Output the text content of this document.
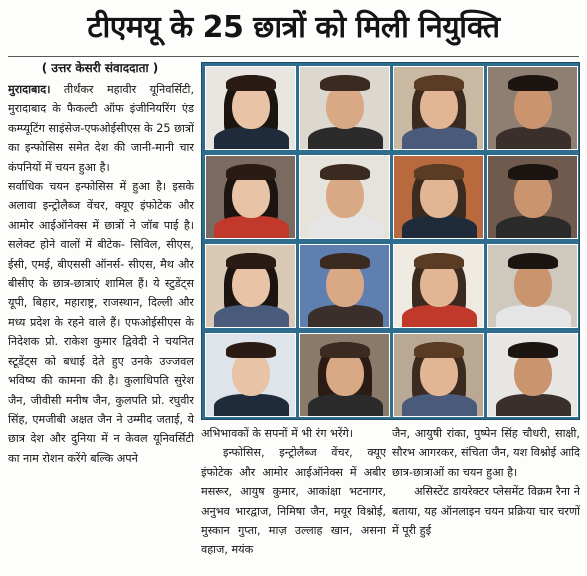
टीएमयू के 25 छात्रों को मिली नियुक्ति
( उत्तर केसरी संवाददाता )

मुरादाबाद। तीर्थंकर महावीर यूनिवर्सिटी, मुरादाबाद के फैकल्टी ऑफ इंजीनियरिंग एंड कम्प्यूटिंग साइंसेज-एफओईसीएस के 25 छात्रों का इन्फोसिस समेत देश की जानी-मानी चार कंपनियों में चयन हुआ है।

सर्वाधिक चयन इन्फोसिस में हुआ है। इसके अलावा इन्ट्रोलैब्ज वेंचर, क्यूए इंफोटेक और आमोर आईऑनेक्स में छात्रों ने जॉब पाई है। सलेक्ट होने वालों में बीटेक- सिविल, सीएस, ईसी, एमई, बीएससी ऑनर्स- सीएस, मैथ और बीसीए के छात्र-छात्राएं शामिल हैं। ये स्टुडेंट्स यूपी, बिहार, महाराष्ट्र, राजस्थान, दिल्ली और मध्य प्रदेश के रहने वाले हैं। एफओईसीएस के निदेशक प्रो. राकेश कुमार द्विवेदी ने चयनित स्टूडेंट्स को बधाई देते हुए उनके उज्जवल भविष्य की कामना की है। कुलाधिपति सुरेश जैन, जीवीसी मनीष जैन, कुलपति प्रो. रघुवीर सिंह, एमजीबी अक्षत जैन ने उम्मीद जताई, ये छात्र देश और दुनिया में न केवल यूनिवर्सिटी का नाम रोशन करेंगे बल्कि अपने

अभिभावकों के सपनों में भी रंग भरेंगे।

इन्फोसिस, इन्ट्रोलैब्ज वेंचर, क्यूए इंफोटेक और आमोर आईऑनेक्स में अबीर मसरूर, आयुष कुमार, आकांक्षा भटनागर, अनुभव भारद्वाज, निमिषा जैन, मयूर विश्नोई, मुस्कान गुप्ता, माज़ उल्लाह खान, असना वहाज, मयंक

जैन, आयुषी रांका, पुष्पेन सिंह चौधरी, साक्षी, सौरभ आगरकर, संचिता जैन, यश विश्नोई आदि छात्र-छात्राओं का चयन हुआ है।

असिस्टेंट डायरेक्टर प्लेसमेंट विक्रम रैना ने बताया, यह ऑनलाइन चयन प्रक्रिया चार चरणों में पूरी हुई
